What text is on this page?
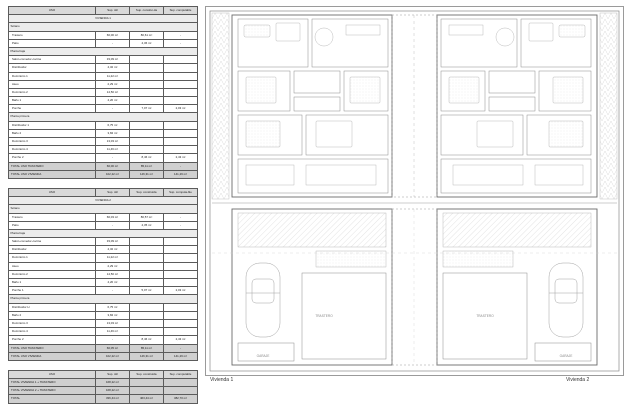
USO	Sup. útil	Sup. construi-da	Sup. computable
VIVIENDA 1			
Sótano			
Trastero	66,00 m²	80,61 m²	-
Patio	-	4,36 m²	-
Planta baja			
Salón-comedor-cocina	33,09 m²		
Distribuidor	4,32 m²		
Dormitorio 1	11,22 m²		
Aseo	2,29 m²		
Dormitorio 2	14,50 m²		
Baño 1	4,20 m²		
Porche	-	7,07 m²	2,03 m²
Planta primera			
Distribuidor 1	6,75 m²		
Baño 2	3,84 m²		
Dormitorio 3	13,03 m²		
Dormitorio 4	11,46 m²		
Porche 2	-	8,46 m²	2,43 m²
TOTAL USO TRASTERO	66,00 m²	85,11 m²	-
TOTAL USO VIVIENDA	102,22 m²	146,31 m²	141,26 m²
USO	Sup. útil	Sup. construida	Sup. computa-ble
VIVIENDA 2			
Sótano			
Trastero	66,03 m²	80,57 m²	-
Patio	-	4,35 m²	-
Planta baja			
Salón-comedor-cocina	33,09 m²		
Distribuidor	4,32 m²		
Dormitorio 1	11,22 m²		
Aseo	2,29 m²		
Dormitorio 2	14,50 m²		
Baño 1	4,20 m²		
Porche 1	-	5,07 m²	2,03 m²
Planta primera			
Distribuidor H	6,75 m²		
Baño 2	3,84 m²		
Dormitorio 3	13,03 m²		
Dormitorio 4	11,46 m²		
Porche 2	-	8,46 m²	2,43 m²
TOTAL USO TRASTERO	66,05 m²	85,11 m²	-
TOTAL USO VIVIENDA	102,22 m²	146,31 m²	141,26 m²
USO	Sup. útil	Sup. construida	Sup. computable
TOTAL VIVIENDA 1 + TRASTERO	168,22 m²		
TOTAL VIVIENDA 2 + TRASTERO	168,22 m²		
TOTAL	336,44 m²	463,44 m²	382,70 m²
TRASTERO	TRASTERO
GARAJE	GARAJE
Vivienda 1	Vivienda 2
